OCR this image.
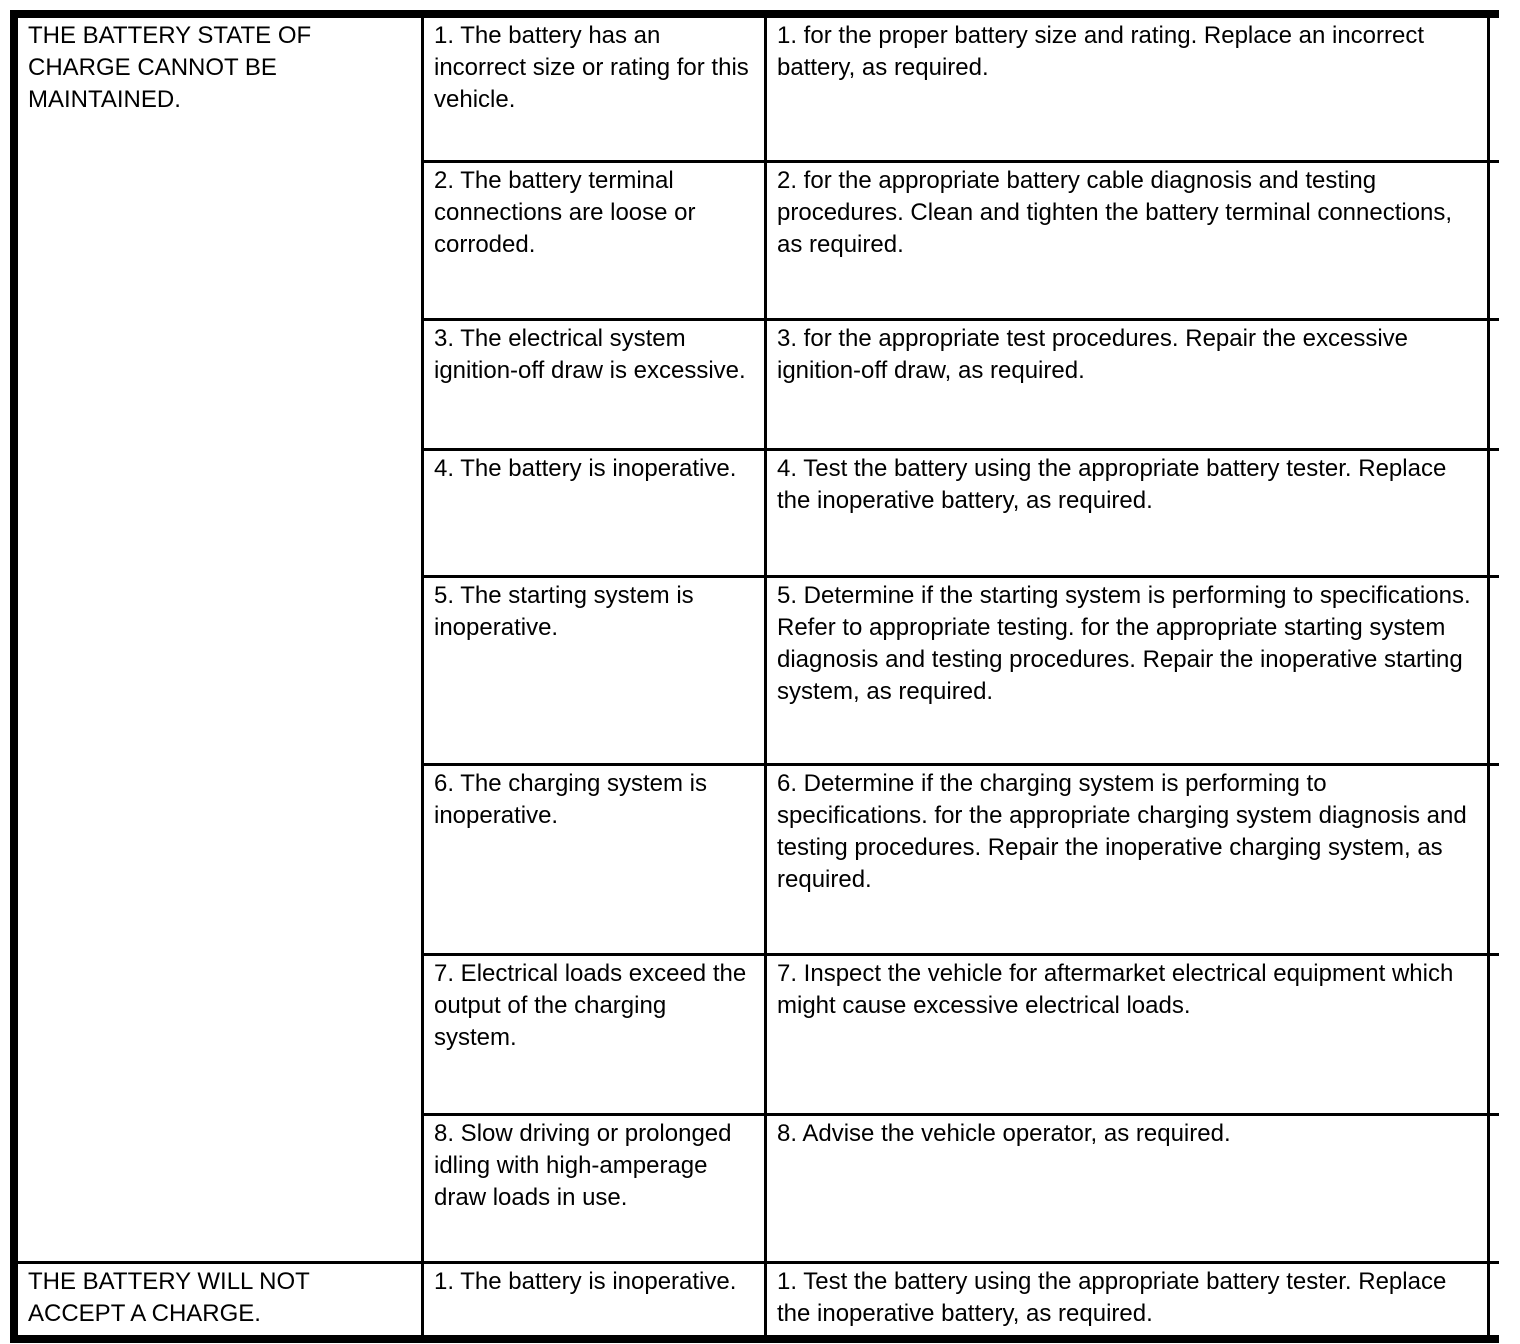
THE BATTERY STATE OF CHARGE CANNOT BE MAINTAINED.
1. The battery has an incorrect size or rating for this vehicle.
1. for the proper battery size and rating. Replace an incorrect battery, as required.
2. The battery terminal connections are loose or corroded.
2. for the appropriate battery cable diagnosis and testing procedures. Clean and tighten the battery terminal connections, as required.
3. The electrical system ignition-off draw is excessive.
3. for the appropriate test procedures. Repair the excessive ignition-off draw, as required.
4. The battery is inoperative.	4. Test the battery using the appropriate battery tester. Replace the inoperative battery, as required.
5. The starting system is inoperative.
5. Determine if the starting system is performing to specifications. Refer to appropriate testing. for the appropriate starting system diagnosis and testing procedures. Repair the inoperative starting system, as required.
6. The charging system is inoperative.
6. Determine if the charging system is performing to specifications. for the appropriate charging system diagnosis and testing procedures. Repair the inoperative charging system, as required.
7. Electrical loads exceed the output of the charging system.
7. Inspect the vehicle for aftermarket electrical equipment which might cause excessive electrical loads.
8. Slow driving or prolonged idling with high-amperage draw loads in use.
8. Advise the vehicle operator, as required.
THE BATTERY WILL NOT ACCEPT A CHARGE.
1. The battery is inoperative.	1. Test the battery using the appropriate battery tester. Replace the inoperative battery, as required.
